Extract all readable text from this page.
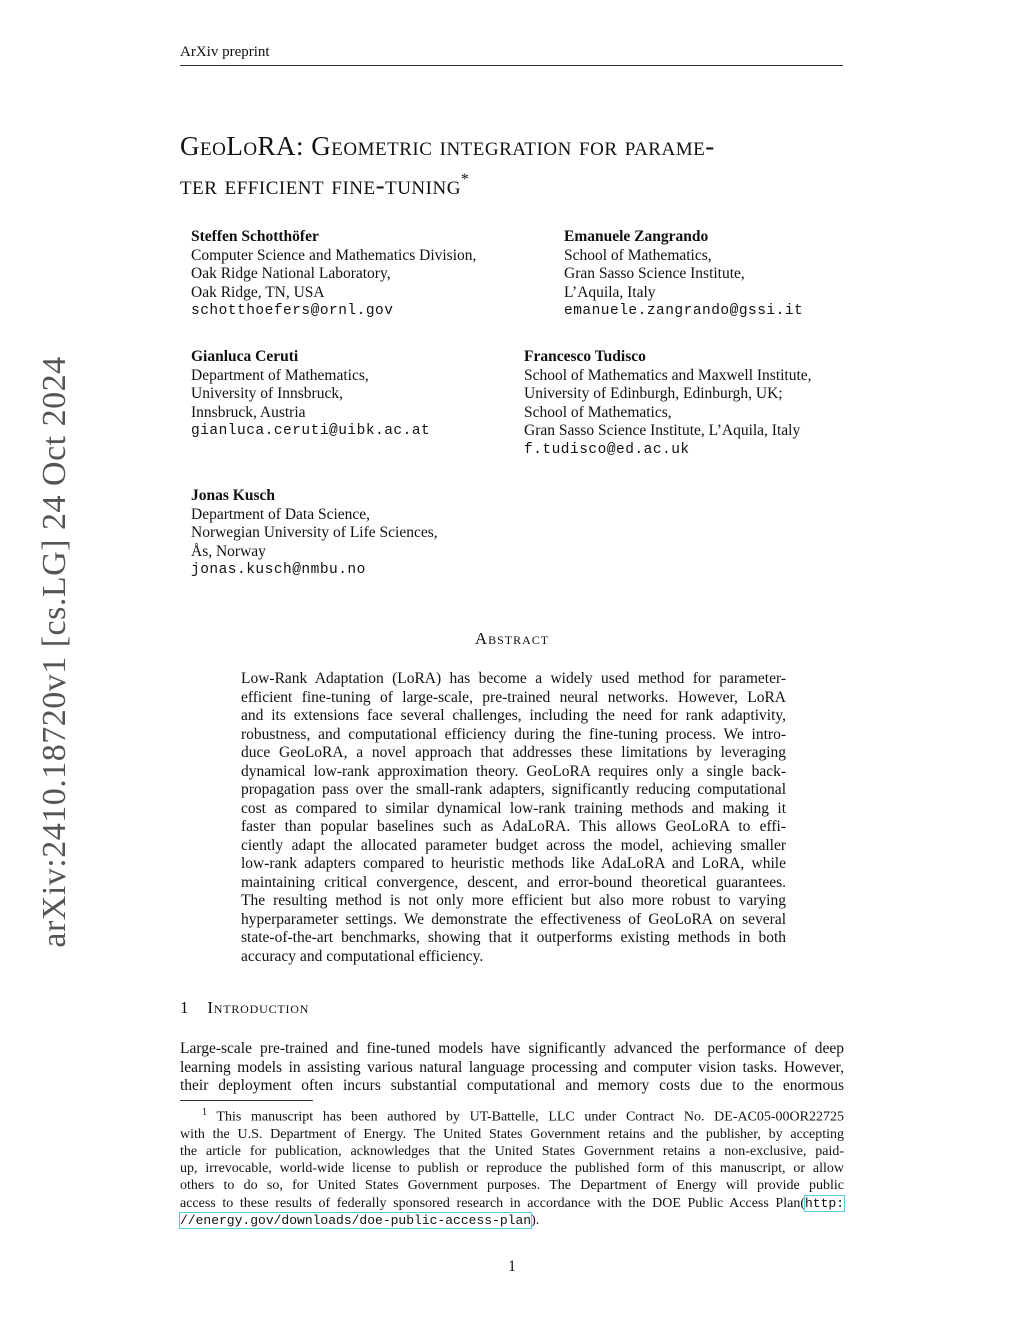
ArXiv preprint
arXiv:2410.18720v1 [cs.LG] 24 Oct 2024
GeoLoRA: Geometric integration for parame-
ter efficient fine-tuning*
Steffen Schotthöfer
Computer Science and Mathematics Division,
Oak Ridge National Laboratory,
Oak Ridge, TN, USA
schotthoefers@ornl.gov
Emanuele Zangrando
School of Mathematics,
Gran Sasso Science Institute,
L’Aquila, Italy
emanuele.zangrando@gssi.it
Gianluca Ceruti
Department of Mathematics,
University of Innsbruck,
Innsbruck, Austria
gianluca.ceruti@uibk.ac.at
Francesco Tudisco
School of Mathematics and Maxwell Institute,
University of Edinburgh, Edinburgh, UK;
School of Mathematics,
Gran Sasso Science Institute, L’Aquila, Italy
f.tudisco@ed.ac.uk
Jonas Kusch
Department of Data Science,
Norwegian University of Life Sciences,
Ås, Norway
jonas.kusch@nmbu.no
Abstract
Low-Rank Adaptation (LoRA) has become a widely used method for parameter-
efficient fine-tuning of large-scale, pre-trained neural networks. However, LoRA
and its extensions face several challenges, including the need for rank adaptivity,
robustness, and computational efficiency during the fine-tuning process. We intro-
duce GeoLoRA, a novel approach that addresses these limitations by leveraging
dynamical low-rank approximation theory. GeoLoRA requires only a single back-
propagation pass over the small-rank adapters, significantly reducing computational
cost as compared to similar dynamical low-rank training methods and making it
faster than popular baselines such as AdaLoRA. This allows GeoLoRA to effi-
ciently adapt the allocated parameter budget across the model, achieving smaller
low-rank adapters compared to heuristic methods like AdaLoRA and LoRA, while
maintaining critical convergence, descent, and error-bound theoretical guarantees.
The resulting method is not only more efficient but also more robust to varying
hyperparameter settings. We demonstrate the effectiveness of GeoLoRA on several
state-of-the-art benchmarks, showing that it outperforms existing methods in both
accuracy and computational efficiency.
1 Introduction
Large-scale pre-trained and fine-tuned models have significantly advanced the performance of deep
learning models in assisting various natural language processing and computer vision tasks. However,
their deployment often incurs substantial computational and memory costs due to the enormous
$^1$ This manuscript has been authored by UT-Battelle, LLC under Contract No. DE-AC05-00OR22725
with the U.S. Department of Energy. The United States Government retains and the publisher, by accepting
the article for publication, acknowledges that the United States Government retains a non-exclusive, paid-
up, irrevocable, world-wide license to publish or reproduce the published form of this manuscript, or allow
others to do so, for United States Government purposes. The Department of Energy will provide public
access to these results of federally sponsored research in accordance with the DOE Public Access Plan(http:
//energy.gov/downloads/doe-public-access-plan).
1
